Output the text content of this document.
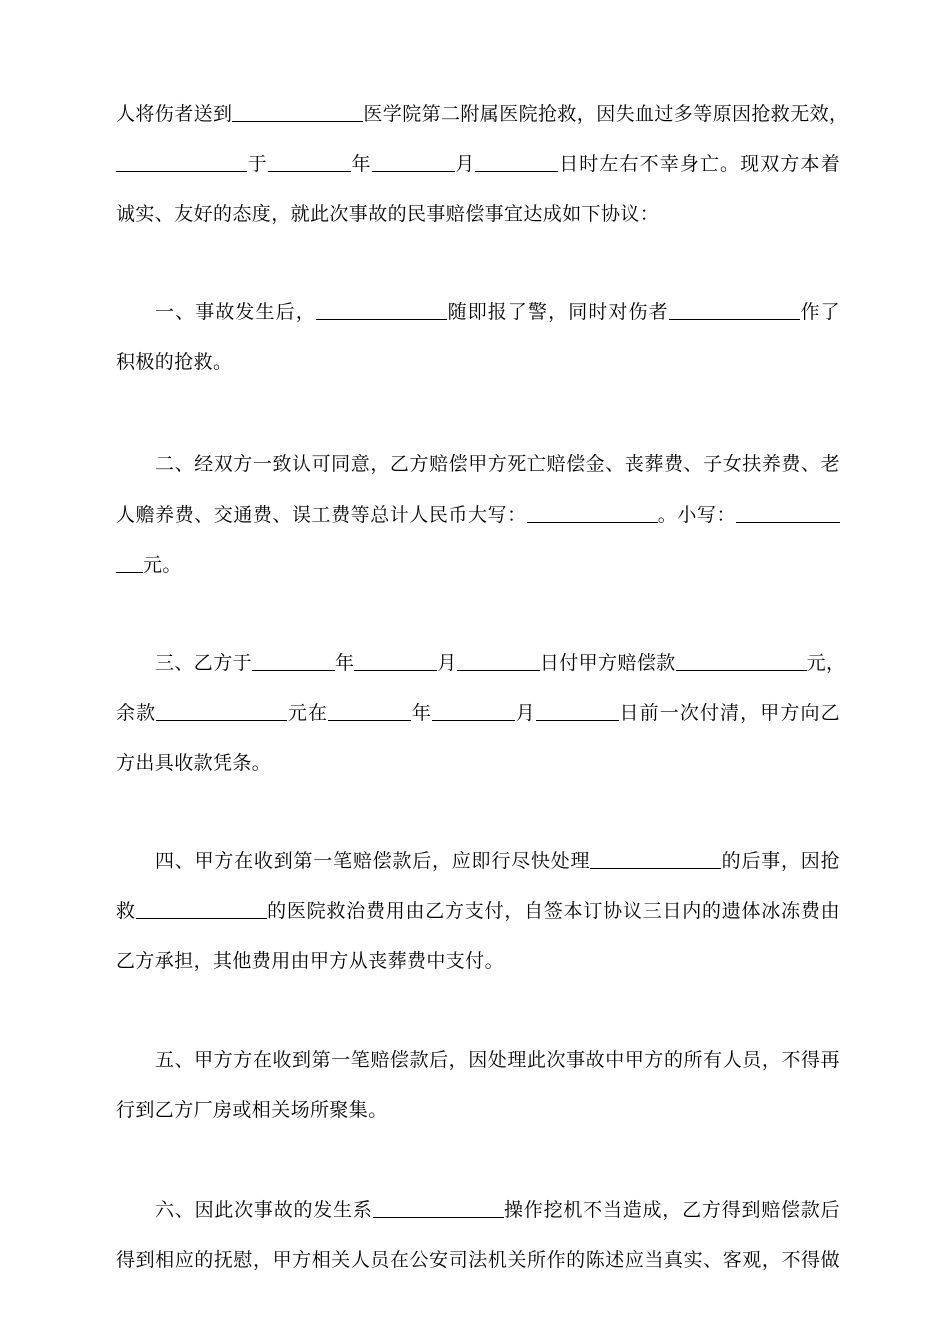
人将伤者送到	医学院第二附属医院抢救，因失血过多等原因抢救无效，
于	年	月	日时左右不幸身亡。现双方本着
诚实、友好的态度，就此次事故的民事赔偿事宜达成如下协议：
一、事故发生后，	随即报了警，同时对伤者	作了
积极的抢救。
二、经双方一致认可同意，乙方赔偿甲方死亡赔偿金、丧葬费、子女扶养费、老
人赡养费、交通费、误工费等总计人民币大写：	。小写：
元。
三、乙方于	年	月	日付甲方赔偿款	元，
余款	元在	年	月	日前一次付清，甲方向乙
方出具收款凭条。
四、甲方在收到第一笔赔偿款后，应即行尽快处理	的后事，因抢
救	的医院救治费用由乙方支付，自签本订协议三日内的遗体冰冻费由
乙方承担，其他费用由甲方从丧葬费中支付。
五、甲方方在收到第一笔赔偿款后，因处理此次事故中甲方的所有人员，不得再
行到乙方厂房或相关场所聚集。
六、因此次事故的发生系	操作挖机不当造成，乙方得到赔偿款后
得到相应的抚慰，甲方相关人员在公安司法机关所作的陈述应当真实、客观，不得做
